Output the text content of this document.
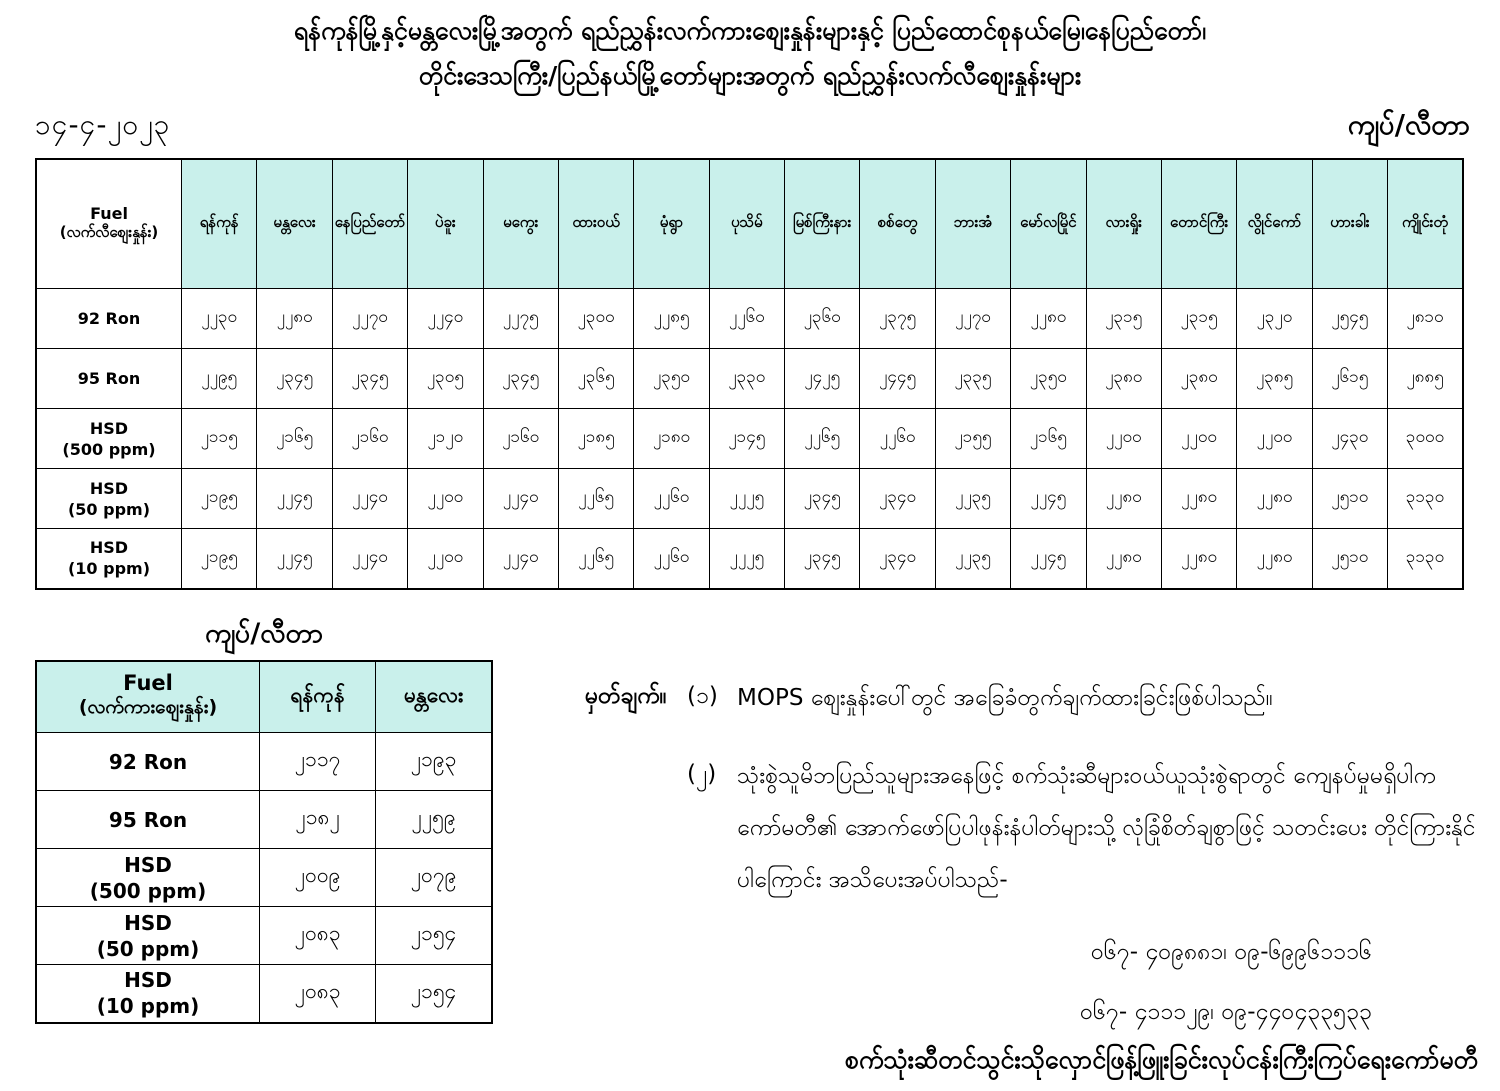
ရန်ကုန်မြို့နှင့်မန္တလေးမြို့အတွက် ရည်ညွှန်းလက်ကားစျေးနှုန်းများနှင့် ပြည်ထောင်စုနယ်မြေ၊နေပြည်တော်၊
တိုင်းဒေသကြီး/ပြည်နယ်မြို့တော်များအတွက် ရည်ညွှန်းလက်လီစျေးနှုန်းများ
၁၄-၄-၂၀၂၃	ကျပ်/လီတာ
Fuel
(လက်လီစျေးနှုန်း)	ရန်ကုန်	မန္တလေး	နေပြည်တော်	ပဲခူး	မကွေး	ထားဝယ်	မုံရွာ	ပုသိမ်	မြစ်ကြီးနား	စစ်တွေ	ဘားအံ	မော်လမြိုင်	လားရှိုး	တောင်ကြီး	လွိုင်ကော်	ဟားခါး	ကျိုင်းတုံ

92 Ron	၂၂၃၀	၂၂၈၀	၂၂၇၀	၂၂၄၀	၂၂၇၅	၂၃၀၀	၂၂၈၅	၂၂၆၀	၂၃၆၀	၂၃၇၅	၂၂၇၀	၂၂၈၀	၂၃၁၅	၂၃၁၅	၂၃၂၀	၂၅၄၅	၂၈၁၀

95 Ron	၂၂၉၅	၂၃၄၅	၂၃၄၅	၂၃၀၅	၂၃၄၅	၂၃၆၅	၂၃၅၀	၂၃၃၀	၂၄၂၅	၂၄၄၅	၂၃၃၅	၂၃၅၀	၂၃၈၀	၂၃၈၀	၂၃၈၅	၂၆၁၅	၂၈၈၅

HSD
(500 ppm)	၂၁၁၅	၂၁၆၅	၂၁၆၀	၂၁၂၀	၂၁၆၀	၂၁၈၅	၂၁၈၀	၂၁၄၅	၂၂၆၅	၂၂၆၀	၂၁၅၅	၂၁၆၅	၂၂၀၀	၂၂၀၀	၂၂၀၀	၂၄၃၀	၃၀၀၀

HSD
(50 ppm)	၂၁၉၅	၂၂၄၅	၂၂၄၀	၂၂၀၀	၂၂၄၀	၂၂၆၅	၂၂၆၀	၂၂၂၅	၂၃၄၅	၂၃၄၀	၂၂၃၅	၂၂၄၅	၂၂၈၀	၂၂၈၀	၂၂၈၀	၂၅၁၀	၃၁၃၀

HSD
(10 ppm)	၂၁၉၅	၂၂၄၅	၂၂၄၀	၂၂၀၀	၂၂၄၀	၂၂၆၅	၂၂၆၀	၂၂၂၅	၂၃၄၅	၂၃၄၀	၂၂၃၅	၂၂၄၅	၂၂၈၀	၂၂၈၀	၂၂၈၀	၂၅၁၀	၃၁၃၀
ကျပ်/လီတာ
Fuel
(လက်ကားစျေးနှုန်း)	ရန်ကုန်	မန္တလေး

92 Ron	၂၁၁၇	၂၁၉၃

95 Ron	၂၁၈၂	၂၂၅၉

HSD
(500 ppm)	၂၀၀၉	၂၀၇၉

HSD
(50 ppm)	၂၀၈၃	၂၁၅၄

HSD
(10 ppm)	၂၀၈၃	၂၁၅၄
မှတ်ချက်။ (၁) MOPS စျေးနှုန်းပေါ်တွင် အခြေခံတွက်ချက်ထားခြင်းဖြစ်ပါသည်။
(၂) သုံးစွဲသူမိဘပြည်သူများအနေဖြင့် စက်သုံးဆီများဝယ်ယူသုံးစွဲရာတွင် ကျေနပ်မှုမရှိပါက ကော်မတီ၏ အောက်ဖော်ပြပါဖုန်းနံပါတ်များသို့ လုံခြုံစိတ်ချစွာဖြင့် သတင်းပေး တိုင်ကြားနိုင်ပါကြောင်း အသိပေးအပ်ပါသည်-
၀၆၇- ၄၀၉၈၈၁၊ ၀၉-၆၉၉၆၁၁၁၆
၀၆၇- ၄၁၁၁၂၉၊ ၀၉-၄၄၀၄၃၃၅၃၃
စက်သုံးဆီတင်သွင်းသိုလှောင်ဖြန့်ဖြူးခြင်းလုပ်ငန်းကြီးကြပ်ရေးကော်မတီ
